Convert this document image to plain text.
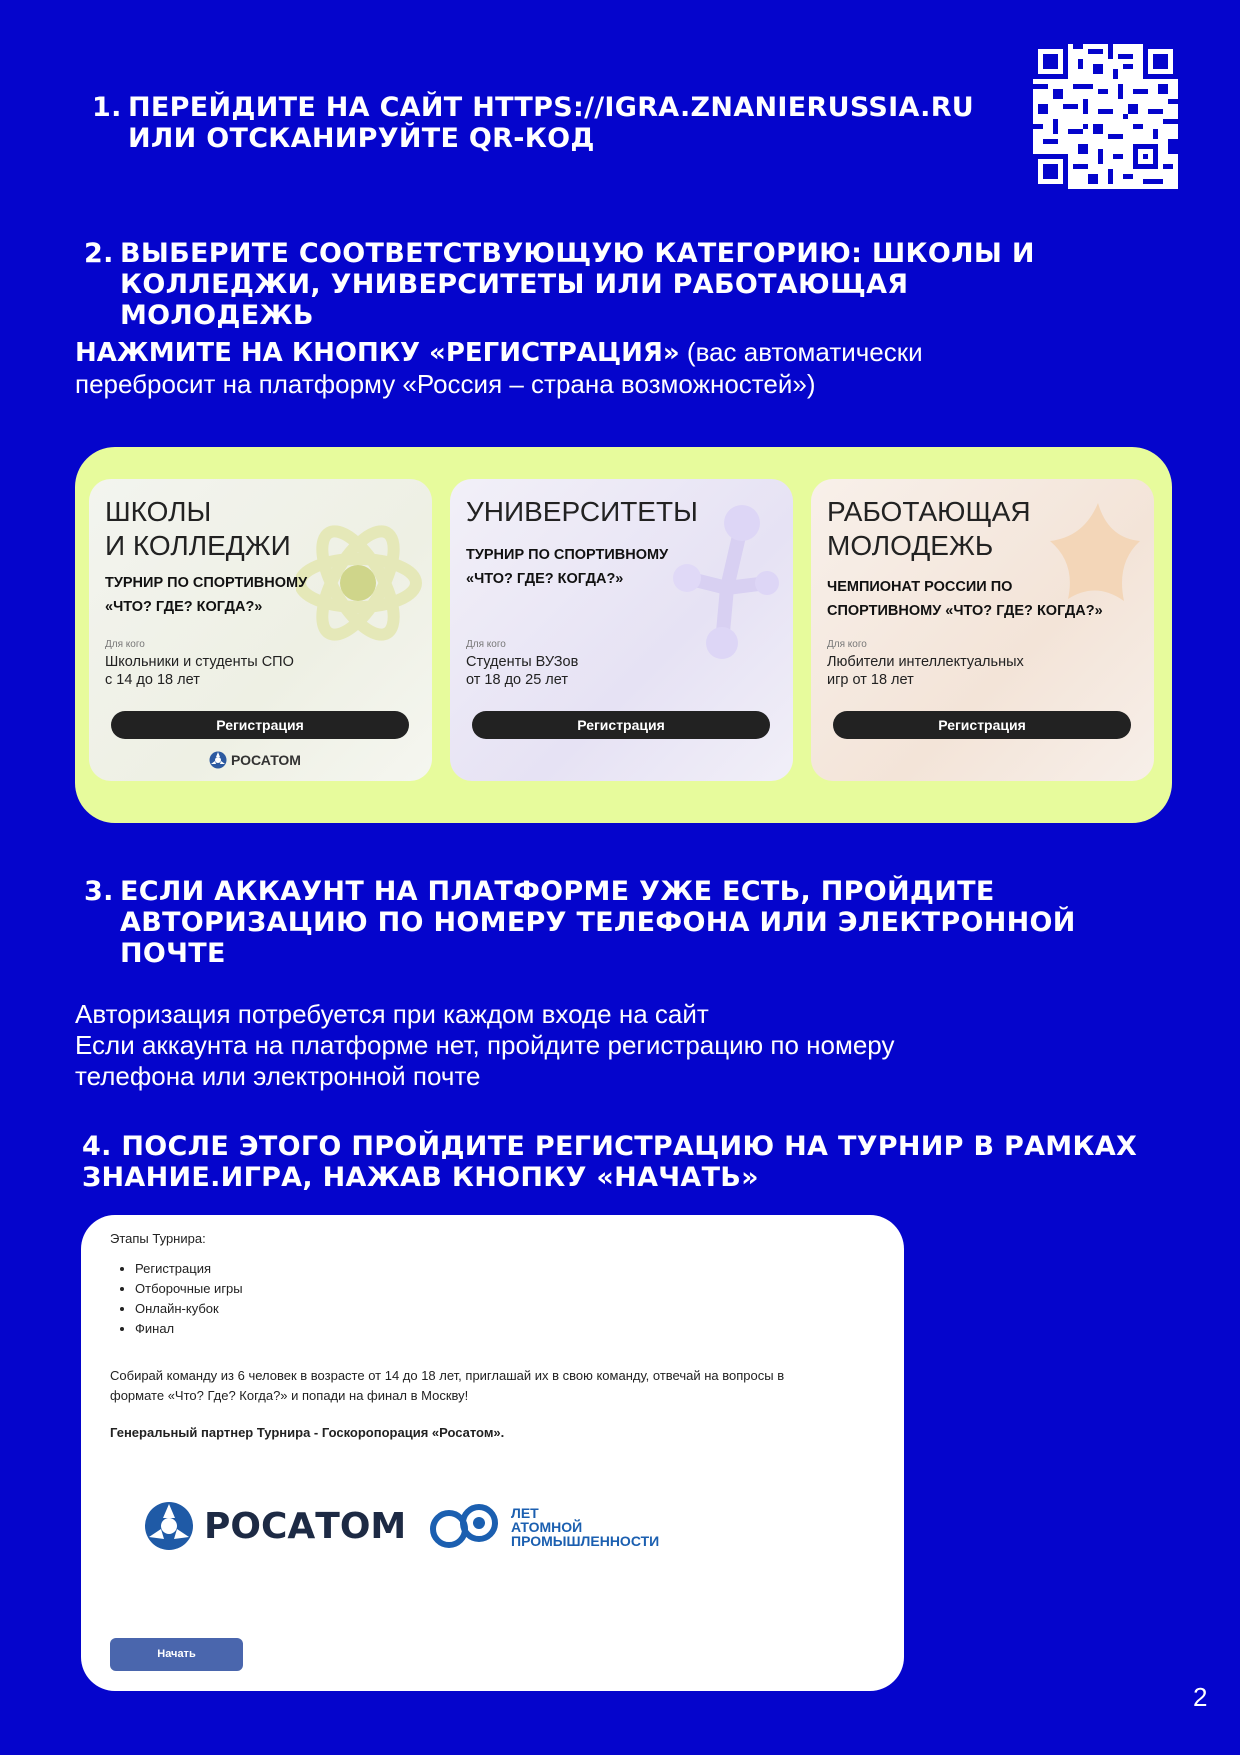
1. ПЕРЕЙДИТЕ НА САЙТ HTTPS://IGRA.ZNANIERUSSIA.RU
ИЛИ ОТСКАНИРУЙТЕ QR-КОД
2. ВЫБЕРИТЕ СООТВЕТСТВУЮЩУЮ КАТЕГОРИЮ: ШКОЛЫ И
КОЛЛЕДЖИ, УНИВЕРСИТЕТЫ ИЛИ РАБОТАЮЩАЯ МОЛОДЕЖЬ
НАЖМИТЕ НА КНОПКУ «РЕГИСТРАЦИЯ» (вас автоматически
перебросит на платформу «Россия – страна возможностей»)
ШКОЛЫ
И КОЛЛЕДЖИ
ТУРНИР ПО СПОРТИВНОМУ
«ЧТО? ГДЕ? КОГДА?»
Для кого
Школьники и студенты СПО
с 14 до 18 лет
Регистрация
РОСАТОМ
УНИВЕРСИТЕТЫ
ТУРНИР ПО СПОРТИВНОМУ
«ЧТО? ГДЕ? КОГДА?»
Для кого
Студенты ВУЗов
от 18 до 25 лет
Регистрация
РАБОТАЮЩАЯ
МОЛОДЕЖЬ
ЧЕМПИОНАТ РОССИИ ПО
СПОРТИВНОМУ «ЧТО? ГДЕ? КОГДА?»
Для кого
Любители интеллектуальных
игр от 18 лет
Регистрация
3. ЕСЛИ АККАУНТ НА ПЛАТФОРМЕ УЖЕ ЕСТЬ, ПРОЙДИТЕ
АВТОРИЗАЦИЮ ПО НОМЕРУ ТЕЛЕФОНА ИЛИ ЭЛЕКТРОННОЙ
ПОЧТЕ
Авторизация потребуется при каждом входе на сайт
Если аккаунта на платформе нет, пройдите регистрацию по номеру
телефона или электронной почте
4. ПОСЛЕ ЭТОГО ПРОЙДИТЕ РЕГИСТРАЦИЮ НА ТУРНИР В РАМКАХ
ЗНАНИЕ.ИГРА, НАЖАВ КНОПКУ «НАЧАТЬ»
Этапы Турнира:
• Регистрация
• Отборочные игры
• Онлайн-кубок
• Финал
Собирай команду из 6 человек в возрасте от 14 до 18 лет, приглашай их в свою команду, отвечай на вопросы в
формате «Что? Где? Когда?» и попади на финал в Москву!
Генеральный партнер Турнира - Госкоропорация «Росатом».
РОСАТОМ	ЛЕТ
АТОМНОЙ
ПРОМЫШЛЕННОСТИ
Начать
2
